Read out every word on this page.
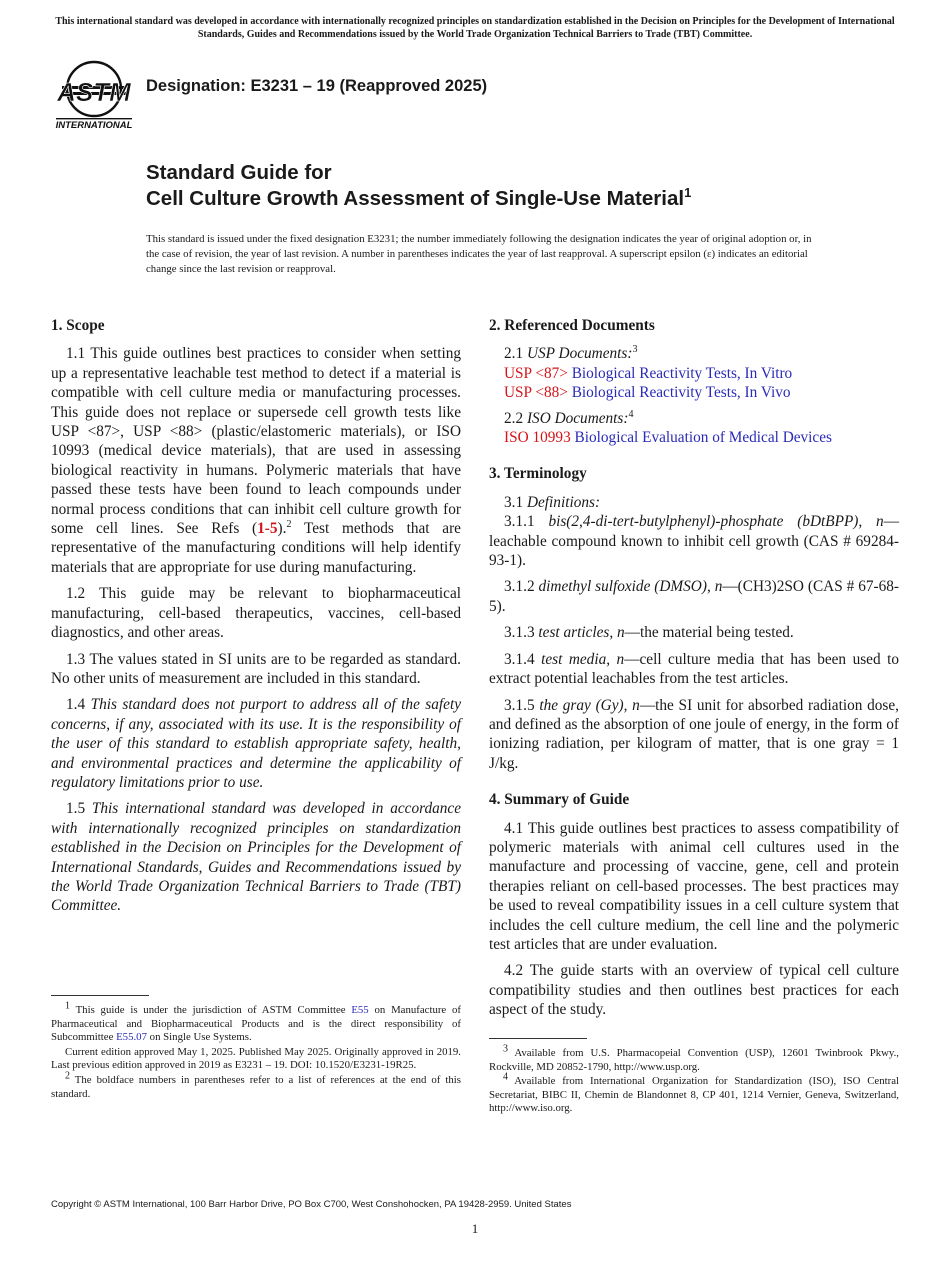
This international standard was developed in accordance with internationally recognized principles on standardization established in the Decision on Principles for the Development of International Standards, Guides and Recommendations issued by the World Trade Organization Technical Barriers to Trade (TBT) Committee.
ASTM
INTERNATIONAL
Designation: E3231 – 19 (Reapproved 2025)
Standard Guide for
Cell Culture Growth Assessment of Single-Use Material$^1$
This standard is issued under the fixed designation E3231; the number immediately following the designation indicates the year of original adoption or, in the case of revision, the year of last revision. A number in parentheses indicates the year of last reapproval. A superscript epsilon (ε) indicates an editorial change since the last revision or reapproval.
1. Scope

1.1 This guide outlines best practices to consider when setting up a representative leachable test method to detect if a material is compatible with cell culture media or manufacturing processes. This guide does not replace or supersede cell growth tests like USP <87>, USP <88> (plastic/elastomeric materials), or ISO 10993 (medical device materials), that are used in assessing biological reactivity in humans. Polymeric materials that have passed these tests have been found to leach compounds under normal process conditions that can inhibit cell culture growth for some cell lines. See Refs (1-5).$^2$ Test methods that are representative of the manufacturing conditions will help identify materials that are appropriate for use during manufacturing.

1.2 This guide may be relevant to biopharmaceutical manufacturing, cell-based therapeutics, vaccines, cell-based diagnostics, and other areas.

1.3 The values stated in SI units are to be regarded as standard. No other units of measurement are included in this standard.

1.4 This standard does not purport to address all of the safety concerns, if any, associated with its use. It is the responsibility of the user of this standard to establish appropriate safety, health, and environmental practices and determine the applicability of regulatory limitations prior to use.

1.5 This international standard was developed in accordance with internationally recognized principles on standardization established in the Decision on Principles for the Development of International Standards, Guides and Recommendations issued by the World Trade Organization Technical Barriers to Trade (TBT) Committee.

2. Referenced Documents

2.1 USP Documents:$^3$

USP <87> Biological Reactivity Tests, In Vitro

USP <88> Biological Reactivity Tests, In Vivo

2.2 ISO Documents:$^4$

ISO 10993 Biological Evaluation of Medical Devices

3. Terminology

3.1 Definitions:

3.1.1 bis(2,4-di-tert-butylphenyl)-phosphate (bDtBPP), n—leachable compound known to inhibit cell growth (CAS # 69284-93-1).

3.1.2 dimethyl sulfoxide (DMSO), n—(CH3)2SO (CAS # 67-68-5).

3.1.3 test articles, n—the material being tested.

3.1.4 test media, n—cell culture media that has been used to extract potential leachables from the test articles.

3.1.5 the gray (Gy), n—the SI unit for absorbed radiation dose, and defined as the absorption of one joule of energy, in the form of ionizing radiation, per kilogram of matter, that is one gray = 1 J/kg.

4. Summary of Guide

4.1 This guide outlines best practices to assess compatibility of polymeric materials with animal cell cultures used in the manufacture and processing of vaccine, gene, cell and protein therapies reliant on cell-based processes. The best practices may be used to reveal compatibility issues in a cell culture system that includes the cell culture medium, the cell line and the polymeric test articles that are under evaluation.

4.2 The guide starts with an overview of typical cell culture compatibility studies and then outlines best practices for each aspect of the study.

$^1$ This guide is under the jurisdiction of ASTM Committee E55 on Manufacture of Pharmaceutical and Biopharmaceutical Products and is the direct responsibility of Subcommittee E55.07 on Single Use Systems.

Current edition approved May 1, 2025. Published May 2025. Originally approved in 2019. Last previous edition approved in 2019 as E3231 – 19. DOI: 10.1520/E3231-19R25.

$^2$ The boldface numbers in parentheses refer to a list of references at the end of this standard.

$^3$ Available from U.S. Pharmacopeial Convention (USP), 12601 Twinbrook Pkwy., Rockville, MD 20852-1790, http://www.usp.org.

$^4$ Available from International Organization for Standardization (ISO), ISO Central Secretariat, BIBC II, Chemin de Blandonnet 8, CP 401, 1214 Vernier, Geneva, Switzerland, http://www.iso.org.

Copyright © ASTM International, 100 Barr Harbor Drive, PO Box C700, West Conshohocken, PA 19428-2959. United States
1
